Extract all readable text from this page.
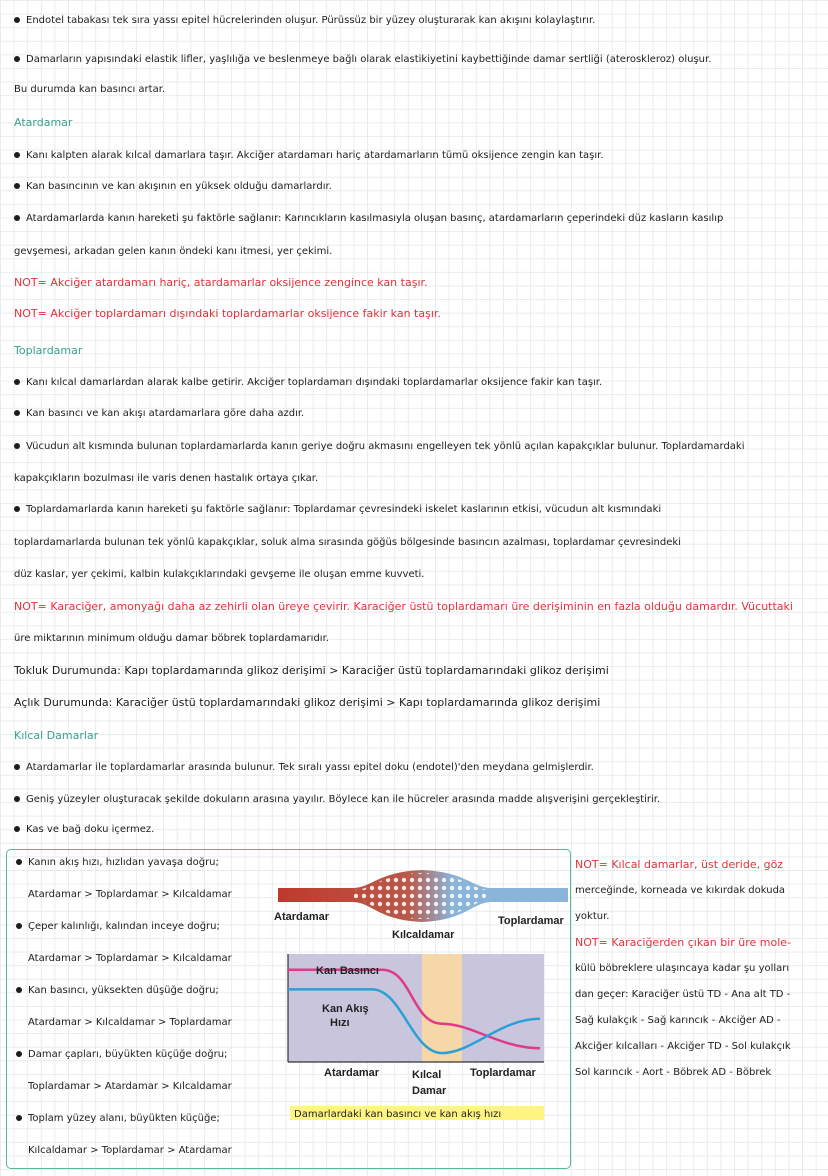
Endotel tabakası tek sıra yassı epitel hücrelerinden oluşur. Pürüssüz bir yüzey oluşturarak kan akışını kolaylaştırır.
Damarların yapısındaki elastik lifler, yaşlılığa ve beslenmeye bağlı olarak elastikiyetini kaybettiğinde damar sertliği (ateroskleroz) oluşur.
Bu durumda kan basıncı artar.
Atardamar
Kanı kalpten alarak kılcal damarlara taşır. Akciğer atardamarı hariç atardamarların tümü oksijence zengin kan taşır.
Kan basıncının ve kan akışının en yüksek olduğu damarlardır.
Atardamarlarda kanın hareketi şu faktörle sağlanır: Karıncıkların kasılmasıyla oluşan basınç, atardamarların çeperindeki düz kasların kasılıp
gevşemesi, arkadan gelen kanın öndeki kanı itmesi, yer çekimi.
NOT= Akciğer atardamarı hariç, atardamarlar oksijence zengince kan taşır.
NOT= Akciğer toplardamarı dışındaki toplardamarlar oksijence fakir kan taşır.
Toplardamar
Kanı kılcal damarlardan alarak kalbe getirir. Akciğer toplardamarı dışındaki toplardamarlar oksijence fakir kan taşır.
Kan basıncı ve kan akışı atardamarlara göre daha azdır.
Vücudun alt kısmında bulunan toplardamarlarda kanın geriye doğru akmasını engelleyen tek yönlü açılan kapakçıklar bulunur. Toplardamardaki
kapakçıkların bozulması ile varis denen hastalık ortaya çıkar.
Toplardamarlarda kanın hareketi şu faktörle sağlanır: Toplardamar çevresindeki iskelet kaslarının etkisi, vücudun alt kısmındaki
toplardamarlarda bulunan tek yönlü kapakçıklar, soluk alma sırasında göğüs bölgesinde basıncın azalması, toplardamar çevresindeki
düz kaslar, yer çekimi, kalbin kulakçıklarındaki gevşeme ile oluşan emme kuvveti.
NOT= Karaciğer, amonyağı daha az zehirli olan üreye çevirir. Karaciğer üstü toplardamarı üre derişiminin en fazla olduğu damardır. Vücuttaki
üre miktarının minimum olduğu damar böbrek toplardamarıdır.
Tokluk Durumunda: Kapı toplardamarında glikoz derişimi > Karaciğer üstü toplardamarındaki glikoz derişimi
Açlık Durumunda: Karaciğer üstü toplardamarındaki glikoz derişimi > Kapı toplardamarında glikoz derişimi
Kılcal Damarlar
Atardamarlar ile toplardamarlar arasında bulunur. Tek sıralı yassı epitel doku (endotel)'den meydana gelmişlerdir.
Geniş yüzeyler oluşturacak şekilde dokuların arasına yayılır. Böylece kan ile hücreler arasında madde alışverişini gerçekleştirir.
Kas ve bağ doku içermez.
Kanın akış hızı, hızlıdan yavaşa doğru;
Atardamar > Toplardamar > Kılcaldamar
Çeper kalınlığı, kalından inceye doğru;
Atardamar > Toplardamar > Kılcaldamar
Kan basıncı, yüksekten düşüğe doğru;
Atardamar > Kılcaldamar > Toplardamar
Damar çapları, büyükten küçüğe doğru;
Toplardamar > Atardamar > Kılcaldamar
Toplam yüzey alanı, büyükten küçüğe;
Kılcaldamar > Toplardamar > Atardamar
Atardamar
Kılcaldamar
Toplardamar
Kan Basıncı
Kan Akış
Hızı
Atardamar	Kılcal
Damar
Toplardamar
Damarlardaki kan basıncı ve kan akış hızı
NOT= Kılcal damarlar, üst deride, göz
merceğinde, korneada ve kıkırdak dokuda
yoktur.
NOT= Karaciğerden çıkan bir üre mole-
külü böbreklere ulaşıncaya kadar şu yolları
dan geçer: Karaciğer üstü TD - Ana alt TD -
Sağ kulakçık - Sağ karıncık - Akciğer AD -
Akciğer kılcalları - Akciğer TD - Sol kulakçık
Sol karıncık - Aort - Böbrek AD - Böbrek
